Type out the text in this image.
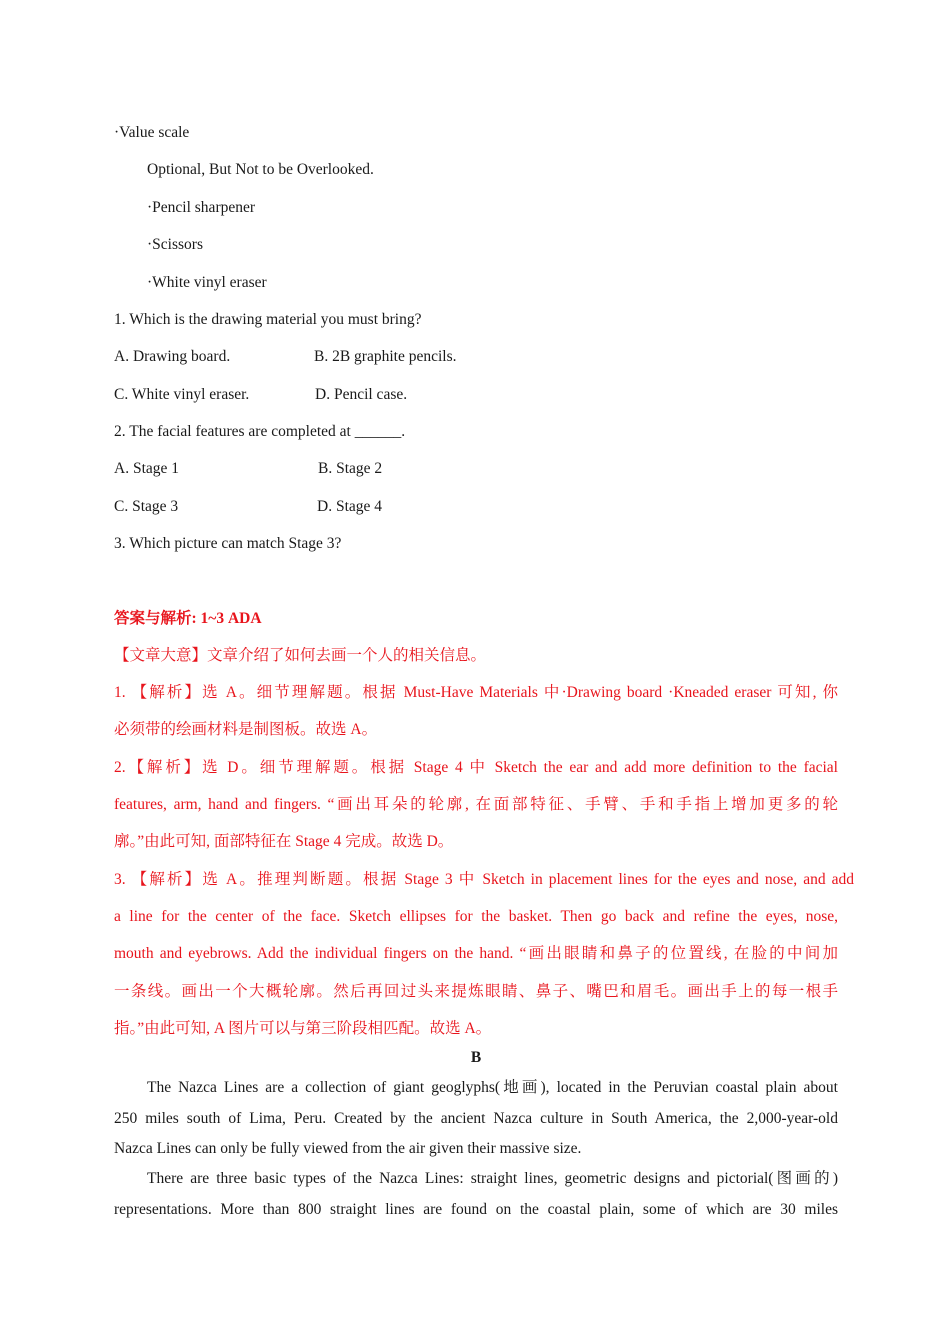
·Value scale
Optional, But Not to be Overlooked.
·Pencil sharpener
·Scissors
·White vinyl eraser
1. Which is the drawing material you must bring?
A. Drawing board.	B. 2B graphite pencils.
C. White vinyl eraser.	D. Pencil case.
2. The facial features are completed at ______.
A. Stage 1	B. Stage 2
C. Stage 3	D. Stage 4
3. Which picture can match Stage 3?
答案与解析: 1~3 ADA
【文章大意】文章介绍了如何去画一个人的相关信息。
1. 【解析】选 A。细节理解题。根据 Must-Have Materials 中·Drawing board ·Kneaded eraser 可知, 你
必须带的绘画材料是制图板。故选 A。
2.【解析】选 D。细节理解题。根据 Stage 4 中 Sketch the ear and add more definition to the facial
features, arm, hand and fingers. “画出耳朵的轮廓, 在面部特征、手臂、手和手指上增加更多的轮
廓。”由此可知, 面部特征在 Stage 4 完成。故选 D。
3. 【解析】选 A。推理判断题。根据 Stage 3 中 Sketch in placement lines for the eyes and nose, and add
a line for the center of the face. Sketch ellipses for the basket. Then go back and refine the eyes, nose,
mouth and eyebrows. Add the individual fingers on the hand. “画出眼睛和鼻子的位置线, 在脸的中间加
一条线。画出一个大概轮廓。然后再回过头来提炼眼睛、鼻子、嘴巴和眉毛。画出手上的每一根手
指。”由此可知, A 图片可以与第三阶段相匹配。故选 A。
B
The Nazca Lines are a collection of giant geoglyphs(地画), located in the Peruvian coastal plain about
250 miles south of Lima, Peru. Created by the ancient Nazca culture in South America, the 2,000-year-old
Nazca Lines can only be fully viewed from the air given their massive size.
There are three basic types of the Nazca Lines: straight lines, geometric designs and pictorial(图画的)
representations. More than 800 straight lines are found on the coastal plain, some of which are 30 miles
